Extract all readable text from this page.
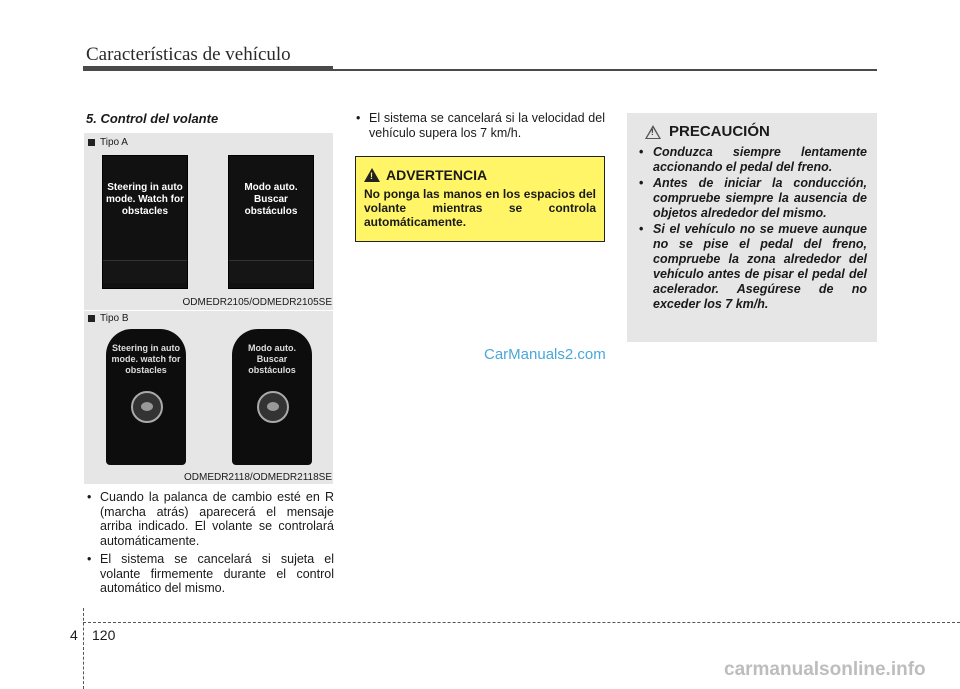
Características de vehículo
5. Control del volante
Tipo A
Steering in auto mode. Watch for obstacles
Modo auto. Buscar obstáculos
ODMEDR2105/ODMEDR2105SE
Tipo B
Steering in auto mode. watch for obstacles
Modo auto. Buscar obstáculos
ODMEDR2118/ODMEDR2118SE
• Cuando la palanca de cambio esté en R (marcha atrás) aparecerá el mensaje arriba indicado. El volante se controlará automáticamente.
• El sistema se cancelará si sujeta el volante firmemente durante el control automático del mismo.
• El sistema se cancelará si la velocidad del vehículo supera los 7 km/h.
! ADVERTENCIA
No ponga las manos en los espacios del volante mientras se controla automáticamente.
! PRECAUCIÓN
• Conduzca siempre lentamente accionando el pedal del freno.
• Antes de iniciar la conducción, compruebe siempre la ausencia de objetos alrededor del mismo.
• Si el vehículo no se mueve aunque no se pise el pedal del freno, compruebe la zona alrededor del vehículo antes de pisar el pedal del acelerador. Asegúrese de no exceder los 7 km/h.
CarManuals2.com
4 120
carmanualsonline.info
